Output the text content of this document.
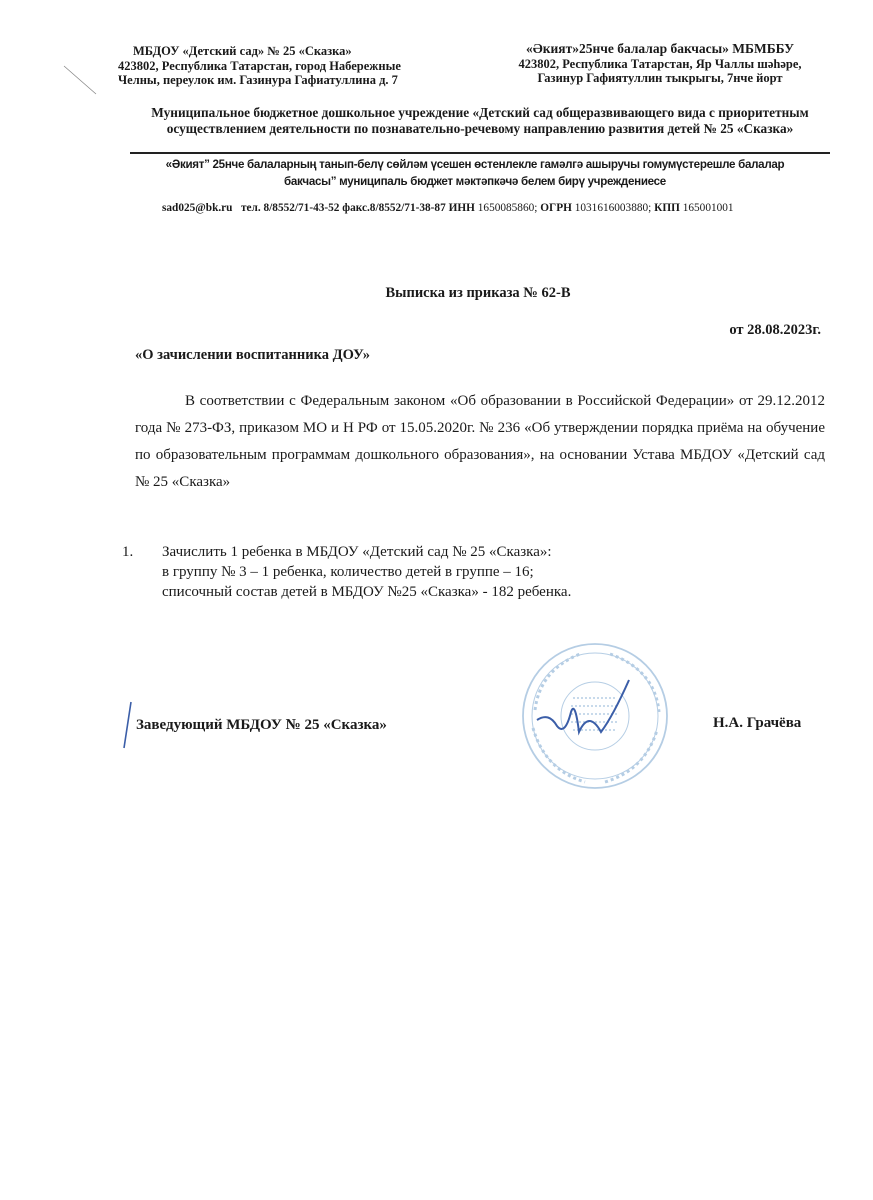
МБДОУ «Детский сад» № 25 «Сказка»
423802, Республика Татарстан, город Набережные
Челны, переулок им. Газинура Гафиатуллина д. 7
«Әкият»25нче балалар бакчасы» МБМББУ
423802, Республика Татарстан, Яр Чаллы шәһәре,
Газинур Гафиятуллин тыкрыгы, 7нче йорт
Муниципальное бюджетное дошкольное учреждение «Детский сад общеразвивающего вида с приоритетным осуществлением деятельности по познавательно-речевому направлению развития детей № 25 «Сказка»
«Әкият” 25нче балаларның танып-белү сөйләм үсешен өстенлекле гамәлгә ашыручы гомумүстерешле балалар бакчасы” муниципаль бюджет мәктәпкәчә белем бирү учреждениесе
sad025@bk.ru тел. 8/8552/71-43-52 факс.8/8552/71-38-87 ИНН 1650085860; ОГРН 1031616003880; КПП 165001001
Выписка из приказа № 62-В
от 28.08.2023г.
«О зачислении воспитанника ДОУ»
В соответствии с Федеральным законом «Об образовании в Российской Федерации» от 29.12.2012 года № 273-ФЗ, приказом МО и Н РФ от 15.05.2020г. № 236 «Об утверждении порядка приёма на обучение по образовательным программам дошкольного образования», на основании Устава МБДОУ «Детский сад № 25 «Сказка»
1. Зачислить 1 ребенка в МБДОУ «Детский сад № 25 «Сказка»:
в группу № 3 – 1 ребенка, количество детей в группе – 16;
списочный состав детей в МБДОУ №25 «Сказка» - 182 ребенка.
Заведующий МБДОУ № 25 «Сказка»	Н.А. Грачёва
